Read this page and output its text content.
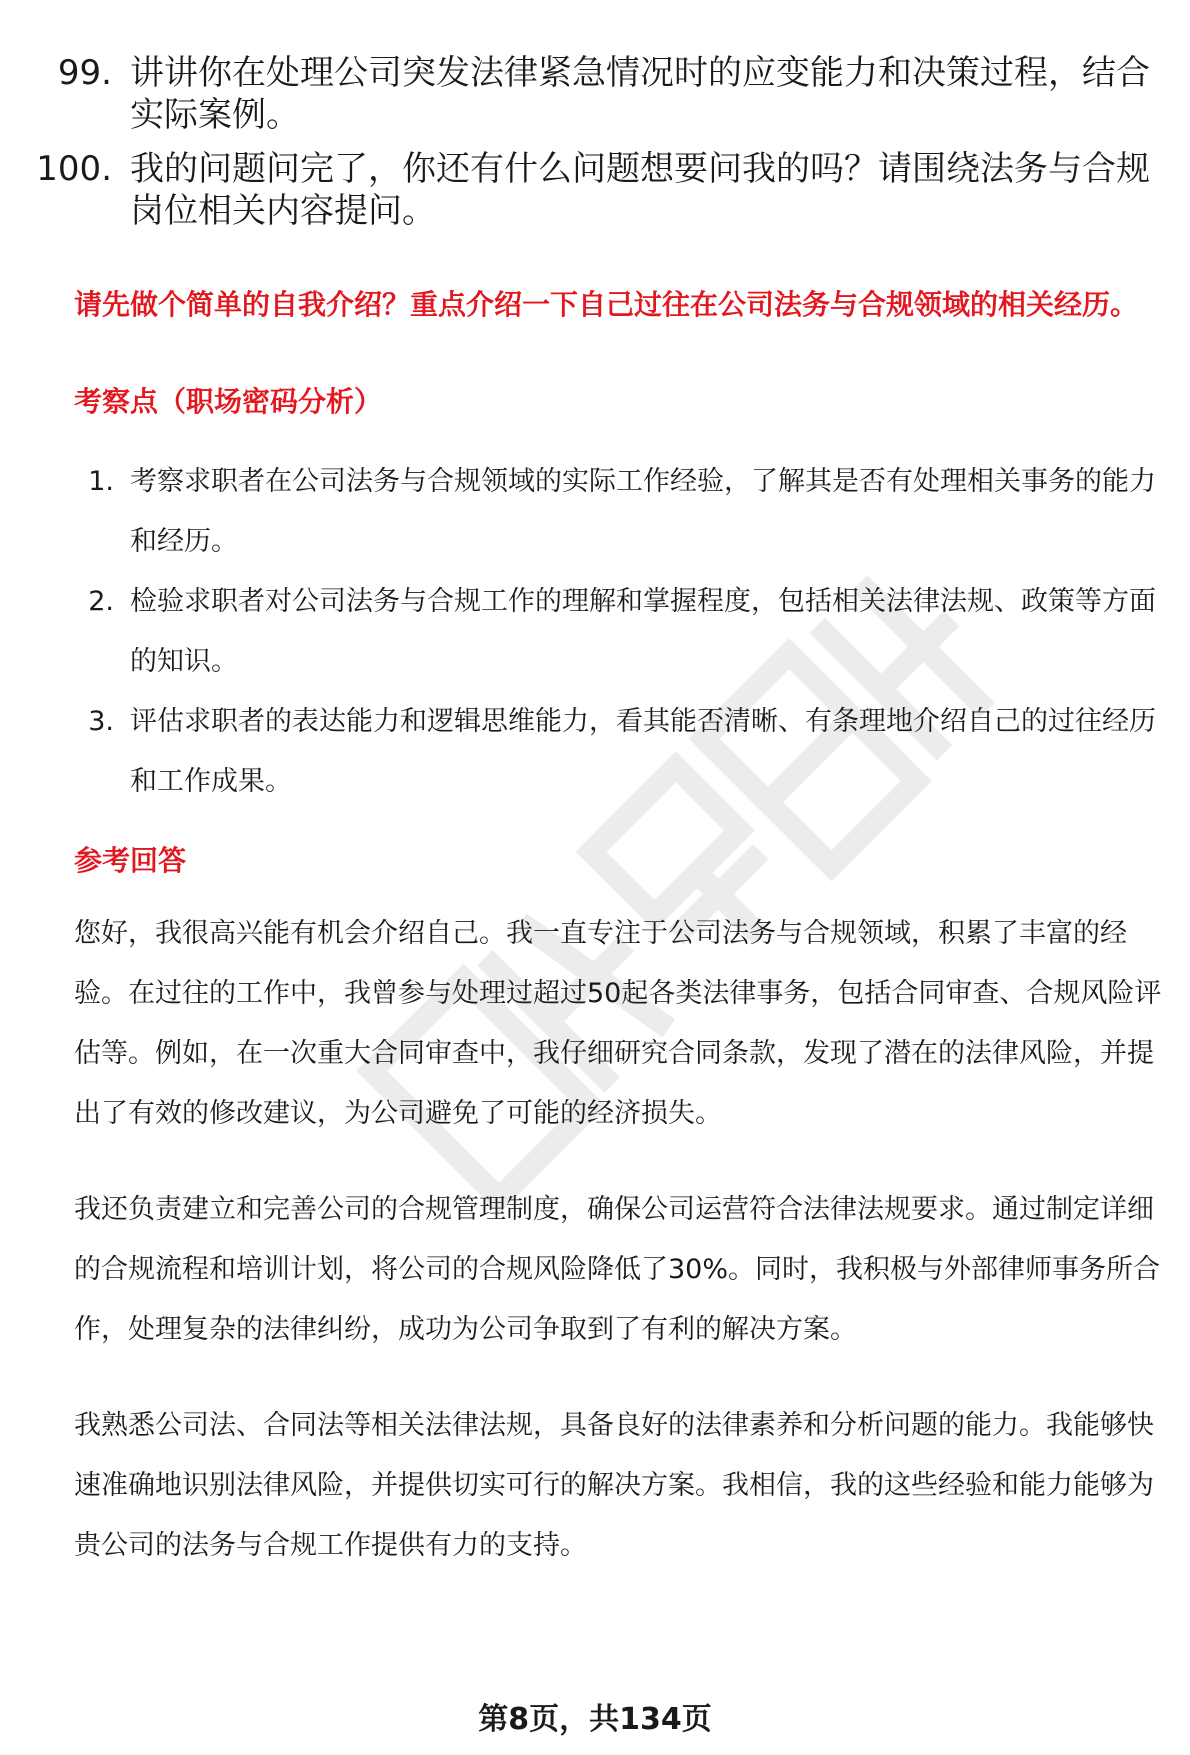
99. 讲讲你在处理公司突发法律紧急情况时的应变能力和决策过程，结合实际案例。
100. 我的问题问完了，你还有什么问题想要问我的吗？请围绕法务与合规岗位相关内容提问。
请先做个简单的自我介绍？重点介绍一下自己过往在公司法务与合规领域的相关经历。
考察点（职场密码分析）
1. 考察求职者在公司法务与合规领域的实际工作经验，了解其是否有处理相关事务的能力和经历。
2. 检验求职者对公司法务与合规工作的理解和掌握程度，包括相关法律法规、政策等方面的知识。
3. 评估求职者的表达能力和逻辑思维能力，看其能否清晰、有条理地介绍自己的过往经历和工作成果。
参考回答

您好，我很高兴能有机会介绍自己。我一直专注于公司法务与合规领域，积累了丰富的经验。在过往的工作中，我曾参与处理过超过50起各类法律事务，包括合同审查、合规风险评估等。例如，在一次重大合同审查中，我仔细研究合同条款，发现了潜在的法律风险，并提出了有效的修改建议，为公司避免了可能的经济损失。

我还负责建立和完善公司的合规管理制度，确保公司运营符合法律法规要求。通过制定详细的合规流程和培训计划，将公司的合规风险降低了30%。同时，我积极与外部律师事务所合作，处理复杂的法律纠纷，成功为公司争取到了有利的解决方案。

我熟悉公司法、合同法等相关法律法规，具备良好的法律素养和分析问题的能力。我能够快速准确地识别法律风险，并提供切实可行的解决方案。我相信，我的这些经验和能力能够为贵公司的法务与合规工作提供有力的支持。

第8页，共134页
